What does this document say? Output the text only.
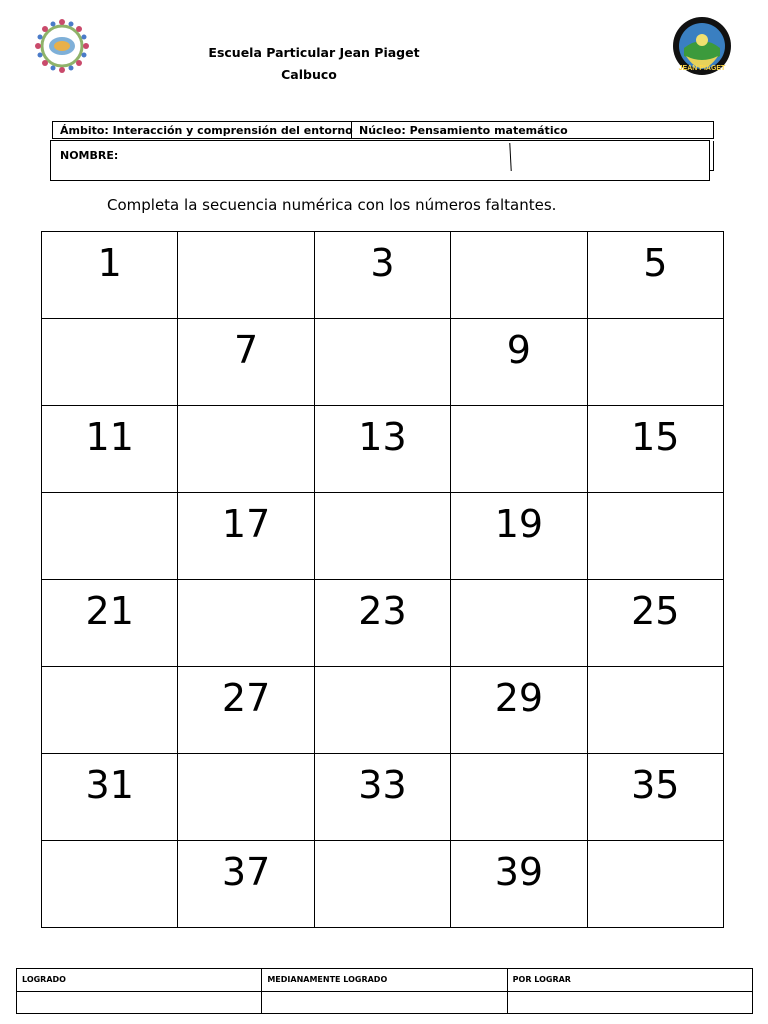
JEAN PIAGET
Escuela Particular Jean Piaget
Calbuco
Ámbito: Interacción y comprensión del entorno Núcleo: Pensamiento matemático
NOMBRE:
Completa la secuencia numérica con los números faltantes.
1		3		5
	7		9	
11		13		15
	17		19	
21		23		25
	27		29	
31		33		35
	37		39	
LOGRADO	MEDIANAMENTE LOGRADO	POR LOGRAR
